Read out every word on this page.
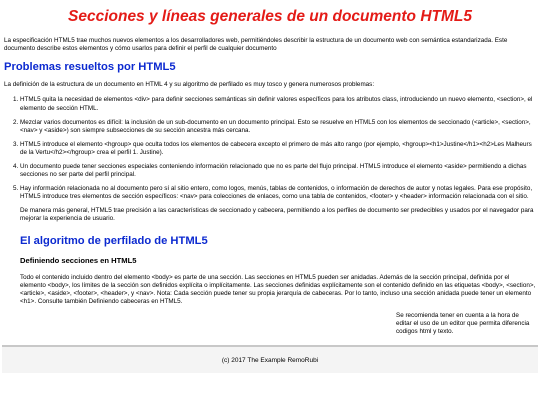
Secciones y líneas generales de un documento HTML5

La especificación HTML5 trae muchos nuevos elementos a los desarrolladores web, permitiéndoles describir la estructura de un documento web con semántica estandarizada. Este documento describe estos elementos y cómo usarlos para definir el perfil de cualquier documento

Problemas resueltos por HTML5

La definición de la estructura de un documento en HTML 4 y su algoritmo de perfilado es muy tosco y genera numerosos problemas:

1. HTML5 quita la necesidad de elementos <div> para definir secciones semánticas sin definir valores específicos para los atributos class, introduciendo un nuevo elemento, <section>, el elemento de sección HTML.
2. Mezclar varios documentos es difícil: la inclusión de un sub-documento en un documento principal. Esto se resuelve en HTML5 con los elementos de seccionado (<article>, <section>, <nav> y <aside>) son siempre subsecciones de su sección ancestra más cercana.
3. HTML5 introduce el elemento <hgroup> que oculta todos los elementos de cabecera excepto el primero de más alto rango (por ejemplo, <hgroup><h1>Justine</h1><h2>Les Malheurs de la Vertu</h2></hgroup> crea el perfil 1. Justine).
4. Un documento puede tener secciones especiales conteniendo información relacionado que no es parte del flujo principal. HTML5 introduce el elemento <aside> permitiendo a dichas secciones no ser parte del perfil principal.
5. Hay información relacionada no al documento pero sí al sitio entero, como logos, menús, tablas de contenidos, o información de derechos de autor y notas legales. Para ese propósito, HTML5 introduce tres elementos de sección específicos: <nav> para colecciones de enlaces, como una tabla de contenidos, <footer> y <header> información relacionada con el sitio.

De manera más general, HTML5 trae precisión a las características de seccionado y cabecera, permitiendo a los perfiles de documento ser predecibles y usados por el navegador para mejorar la experiencia de usuario.

El algoritmo de perfilado de HTML5
Definiendo secciones en HTML5

Todo el contenido incluido dentro del elemento <body> es parte de una sección. Las secciones en HTML5 pueden ser anidadas. Además de la sección principal, definida por el elemento <body>, los límites de la sección son definidos explícita o implícitamente. Las secciones definidas explícitamente son el contenido definido en las etiquetas <body>, <section>, <article>, <aside>, <footer>, <header>, y <nav>. Nota: Cada sección puede tener su propia jerarquía de cabeceras. Por lo tanto, incluso una sección anidada puede tener un elemento <h1>. Consulte también Definiendo cabeceras en HTML5.

Se recomienda tener en cuenta a la hora de editar el uso de un editor que permita diferencia codigos html y texto.
(c) 2017 The Example RemoRubi
